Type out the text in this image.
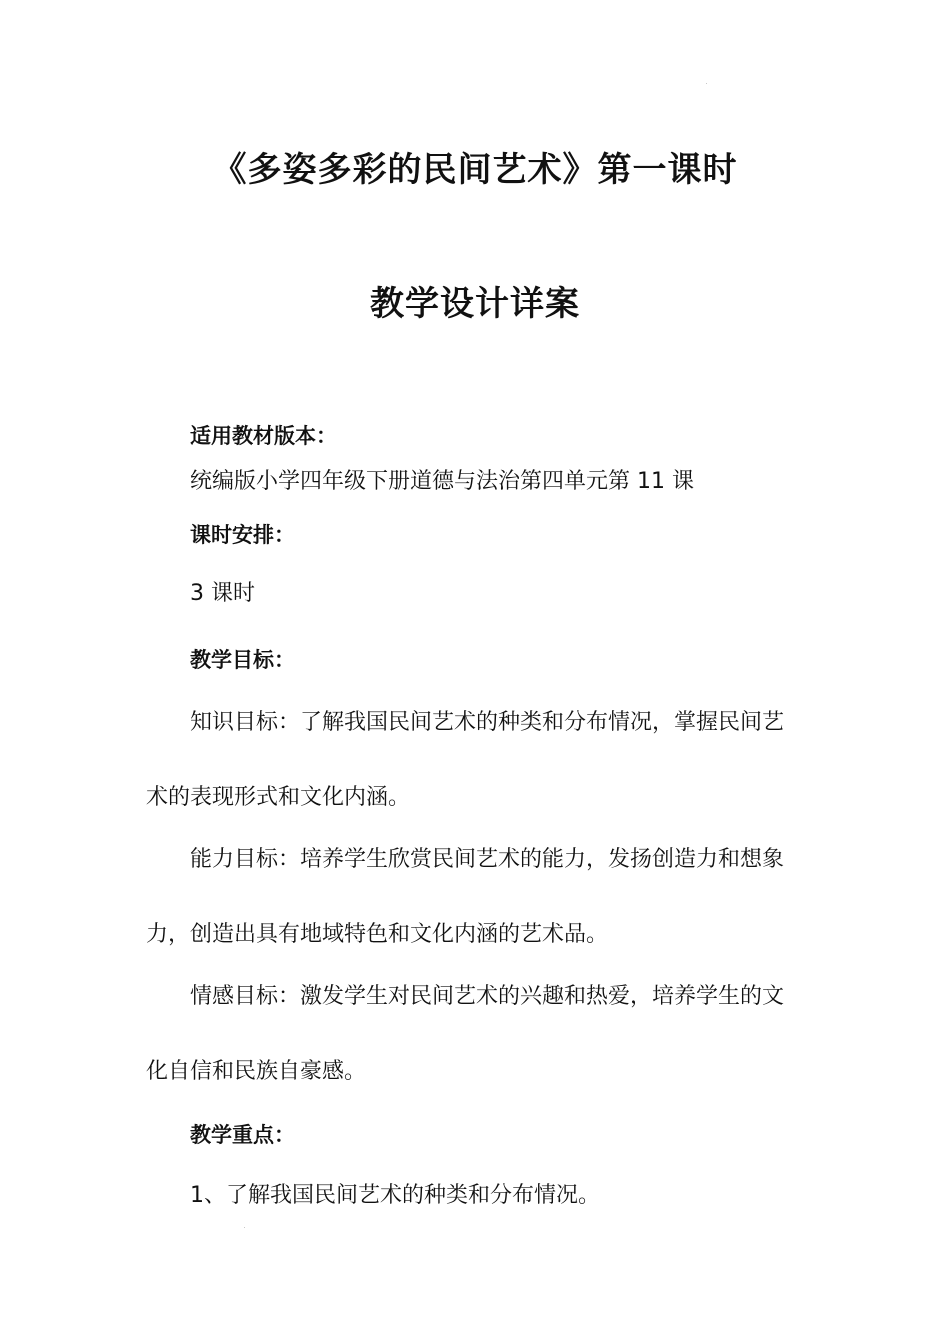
《多姿多彩的民间艺术》第一课时
教学设计详案

适用教材版本：

统编版小学四年级下册道德与法治第四单元第 11 课

课时安排：

3 课时

教学目标：

知识目标：了解我国民间艺术的种类和分布情况，掌握民间艺

术的表现形式和文化内涵。

能力目标：培养学生欣赏民间艺术的能力，发扬创造力和想象

力，创造出具有地域特色和文化内涵的艺术品。

情感目标：激发学生对民间艺术的兴趣和热爱，培养学生的文

化自信和民族自豪感。

教学重点：

1、了解我国民间艺术的种类和分布情况。
